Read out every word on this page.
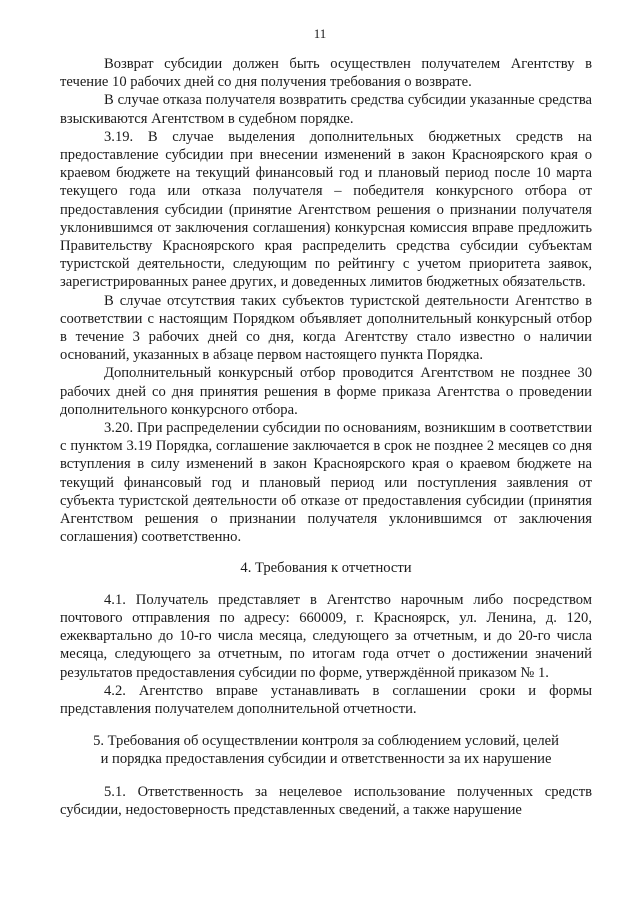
11

Возврат субсидии должен быть осуществлен получателем Агентству в течение 10 рабочих дней со дня получения требования о возврате.

В случае отказа получателя возвратить средства субсидии указанные средства взыскиваются Агентством в судебном порядке.

3.19. В случае выделения дополнительных бюджетных средств на предоставление субсидии при внесении изменений в закон Красноярского края о краевом бюджете на текущий финансовый год и плановый период после 10 марта текущего года или отказа получателя – победителя конкурсного отбора от предоставления субсидии (принятие Агентством решения о признании получателя уклонившимся от заключения соглашения) конкурсная комиссия вправе предложить Правительству Красноярского края распределить средства субсидии субъектам туристской деятельности, следующим по рейтингу с учетом приоритета заявок, зарегистрированных ранее других, и доведенных лимитов бюджетных обязательств.

В случае отсутствия таких субъектов туристской деятельности Агентство в соответствии с настоящим Порядком объявляет дополнительный конкурсный отбор в течение 3 рабочих дней со дня, когда Агентству стало известно о наличии оснований, указанных в абзаце первом настоящего пункта Порядка.

Дополнительный конкурсный отбор проводится Агентством не позднее 30 рабочих дней со дня принятия решения в форме приказа Агентства о проведении дополнительного конкурсного отбора.

3.20. При распределении субсидии по основаниям, возникшим в соответствии с пунктом 3.19 Порядка, соглашение заключается в срок не позднее 2 месяцев со дня вступления в силу изменений в закон Красноярского края о краевом бюджете на текущий финансовый год и плановый период или поступления заявления от субъекта туристской деятельности об отказе от предоставления субсидии (принятия Агентством решения о признании получателя уклонившимся от заключения соглашения) соответственно.

4. Требования к отчетности

4.1. Получатель представляет в Агентство нарочным либо посредством почтового отправления по адресу: 660009, г. Красноярск, ул. Ленина, д. 120, ежеквартально до 10-го числа месяца, следующего за отчетным, и до 20-го числа месяца, следующего за отчетным, по итогам года отчет о достижении значений результатов предоставления субсидии по форме, утверждённой приказом № 1.

4.2. Агентство вправе устанавливать в соглашении сроки и формы представления получателем дополнительной отчетности.

5. Требования об осуществлении контроля за соблюдением условий, целей
и порядка предоставления субсидии и ответственности за их нарушение

5.1. Ответственность за нецелевое использование полученных средств субсидии, недостоверность представленных сведений, а также нарушение
